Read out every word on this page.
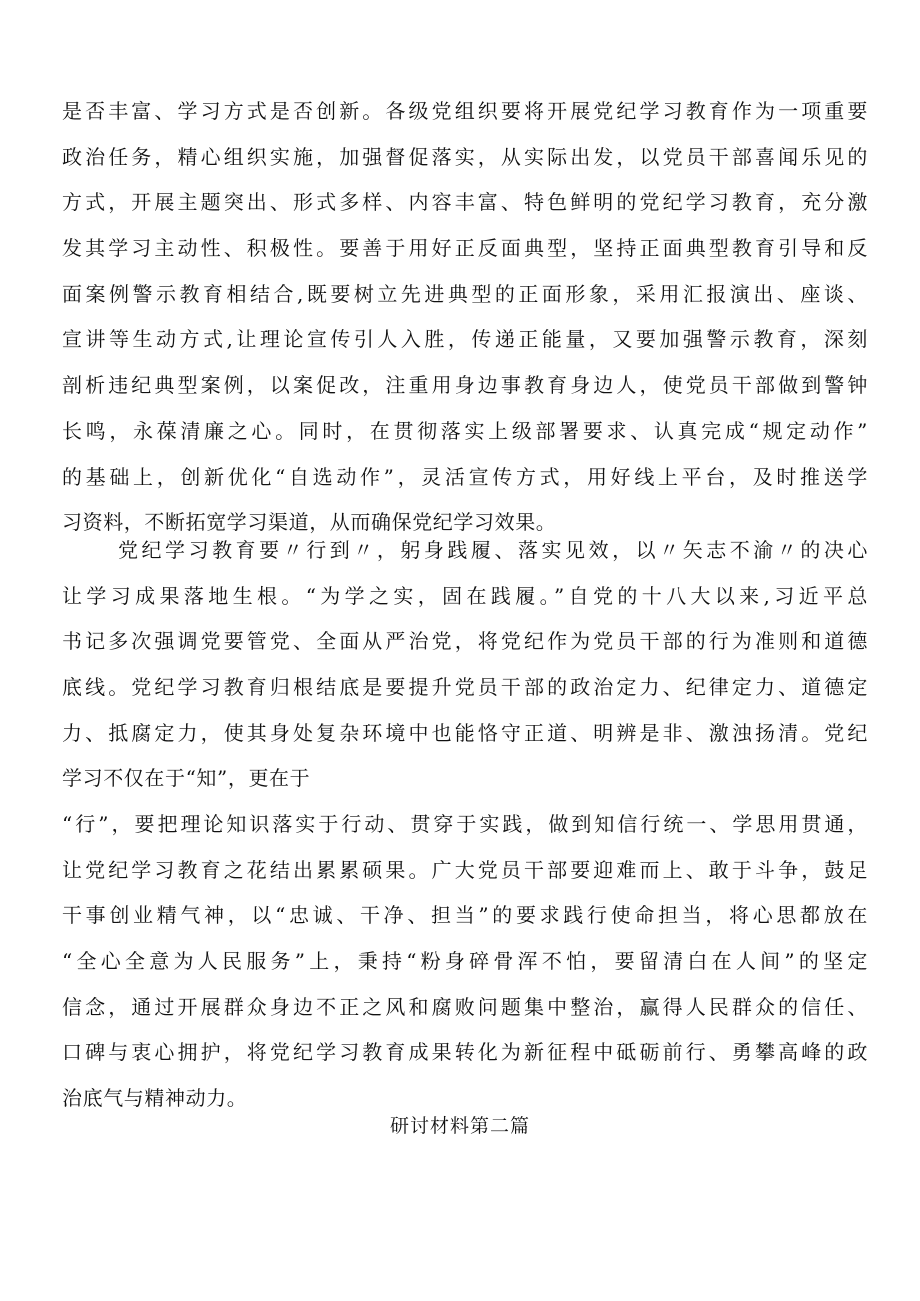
是否丰富、学习方式是否创新。各级党组织要将开展党纪学习教育作为一项重要
政治任务，精心组织实施，加强督促落实，从实际出发，以党员干部喜闻乐见的
方式，开展主题突出、形式多样、内容丰富、特色鲜明的党纪学习教育，充分激
发其学习主动性、积极性。要善于用好正反面典型，坚持正面典型教育引导和反
面案例警示教育相结合,既要树立先进典型的正面形象，采用汇报演出、座谈、
宣讲等生动方式,让理论宣传引人入胜，传递正能量，又要加强警示教育，深刻
剖析违纪典型案例，以案促改，注重用身边事教育身边人，使党员干部做到警钟
长鸣，永葆清廉之心。同时，在贯彻落实上级部署要求、认真完成“规定动作”
的基础上，创新优化“自选动作”，灵活宣传方式，用好线上平台，及时推送学
习资料，不断拓宽学习渠道，从而确保党纪学习效果。
党纪学习教育要〃行到〃，躬身践履、落实见效，以〃矢志不渝〃的决心
让学习成果落地生根。“为学之实，固在践履。”自党的十八大以来,习近平总
书记多次强调党要管党、全面从严治党，将党纪作为党员干部的行为准则和道德
底线。党纪学习教育归根结底是要提升党员干部的政治定力、纪律定力、道德定
力、抵腐定力，使其身处复杂环境中也能恪守正道、明辨是非、激浊扬清。党纪
学习不仅在于“知”，更在于
“行”，要把理论知识落实于行动、贯穿于实践，做到知信行统一、学思用贯通，
让党纪学习教育之花结出累累硕果。广大党员干部要迎难而上、敢于斗争，鼓足
干事创业精气神，以“忠诚、干净、担当”的要求践行使命担当，将心思都放在
“全心全意为人民服务”上，秉持“粉身碎骨浑不怕，要留清白在人间”的坚定
信念，通过开展群众身边不正之风和腐败问题集中整治，赢得人民群众的信任、
口碑与衷心拥护，将党纪学习教育成果转化为新征程中砥砺前行、勇攀高峰的政
治底气与精神动力。
研讨材料第二篇
